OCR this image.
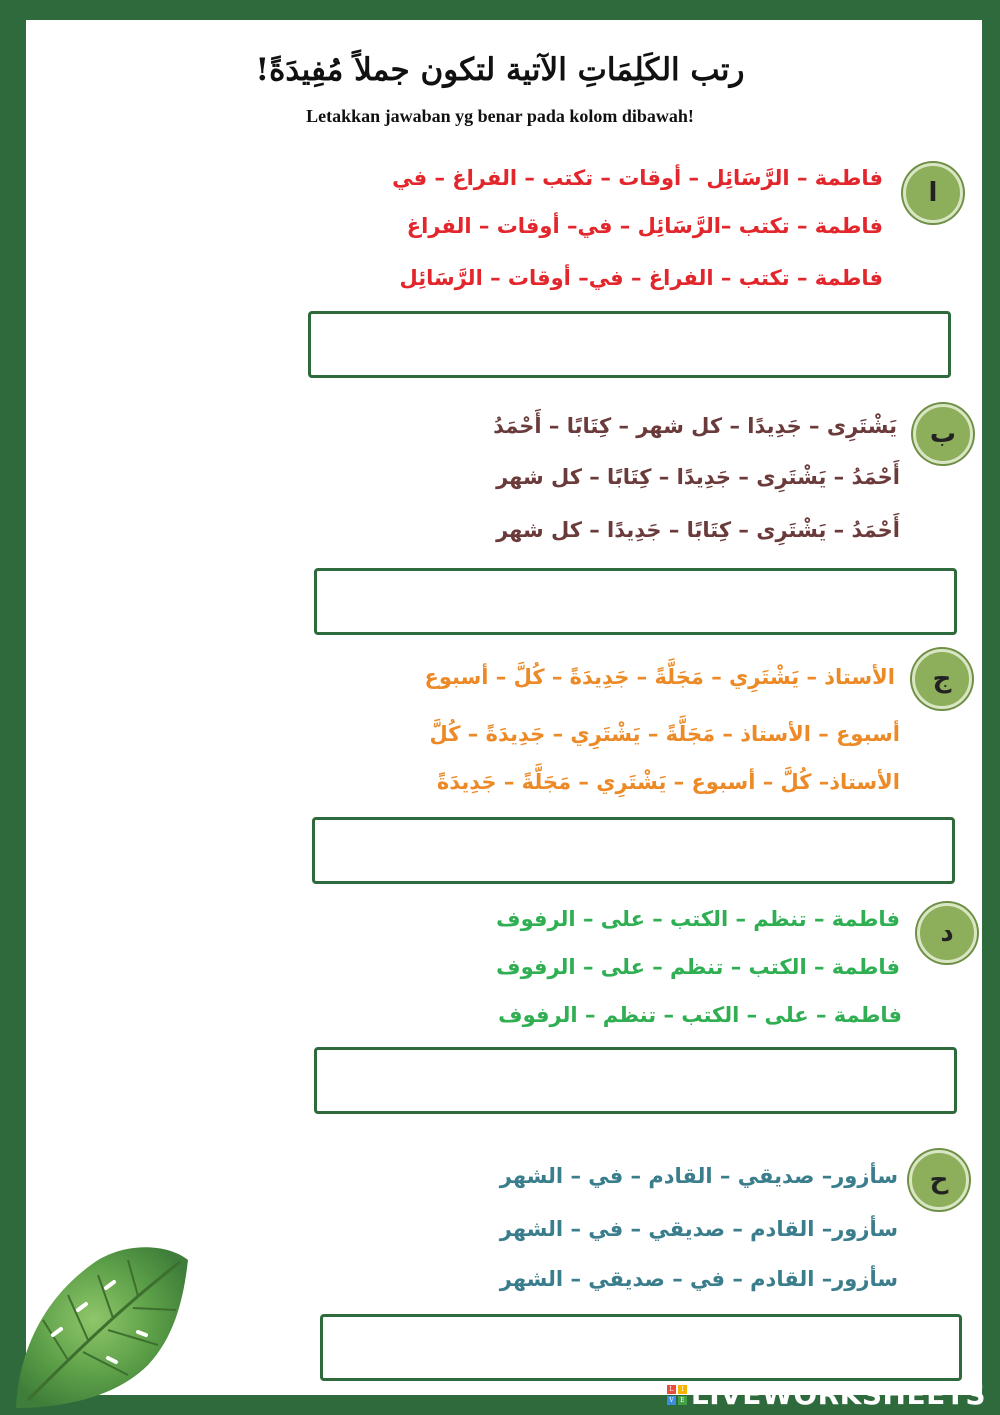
رتب الكَلِمَاتِ الآتية لتكون جملاً مُفِيدَةً!
Letakkan jawaban yg benar pada kolom dibawah!
ا
فاطمة – الرَّسَائِل – أوقات – تكتب – الفراغ – في
فاطمة – تكتب –الرَّسَائِل – في– أوقات – الفراغ
فاطمة – تكتب – الفراغ – في– أوقات – الرَّسَائِل
ب
يَشْتَرِى – جَدِيدًا – كل شهر – كِتَابًا – أَحْمَدُ
أَحْمَدُ – يَشْتَرِى – جَدِيدًا – كِتَابًا – كل شهر
أَحْمَدُ – يَشْتَرِى – كِتَابًا – جَدِيدًا – كل شهر
ج
الأستاذ – يَشْتَرِي – مَجَلَّةً – جَدِيدَةً – كُلَّ – أسبوع
أسبوع – الأستاذ – مَجَلَّةً – يَشْتَرِي – جَدِيدَةً – كُلَّ
الأستاذ– كُلَّ – أسبوع – يَشْتَرِي – مَجَلَّةً – جَدِيدَةً
د
فاطمة – تنظم – الكتب – على – الرفوف
فاطمة – الكتب – تنظم – على – الرفوف
فاطمة – على – الكتب – تنظم – الرفوف
ح
سأزور– صديقي – القادم – في – الشهر
سأزور– القادم – صديقي – في – الشهر
سأزور– القادم – في – صديقي – الشهر
L	I
V	E LIVEWORKSHEETS
